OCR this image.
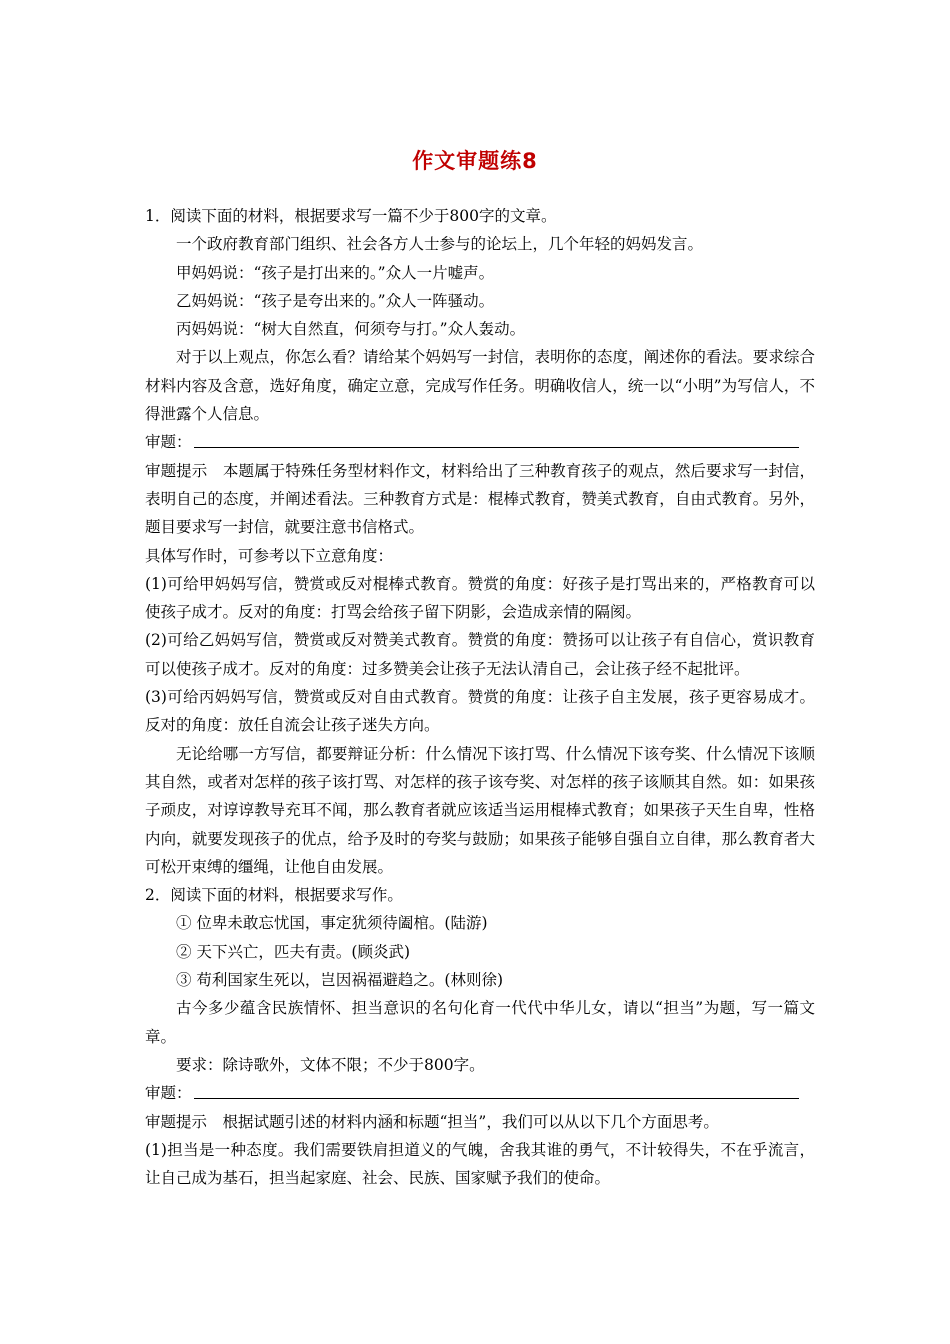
作文审题练8

1．阅读下面的材料，根据要求写一篇不少于800字的文章。

一个政府教育部门组织、社会各方人士参与的论坛上，几个年轻的妈妈发言。

甲妈妈说：“孩子是打出来的。”众人一片嘘声。

乙妈妈说：“孩子是夸出来的。”众人一阵骚动。

丙妈妈说：“树大自然直，何须夸与打。”众人轰动。

对于以上观点，你怎么看？请给某个妈妈写一封信，表明你的态度，阐述你的看法。要求综合材料内容及含意，选好角度，确定立意，完成写作任务。明确收信人，统一以“小明”为写信人，不得泄露个人信息。

审题：

审题提示　本题属于特殊任务型材料作文，材料给出了三种教育孩子的观点，然后要求写一封信，表明自己的态度，并阐述看法。三种教育方式是：棍棒式教育，赞美式教育，自由式教育。另外，题目要求写一封信，就要注意书信格式。

具体写作时，可参考以下立意角度：

(1)可给甲妈妈写信，赞赏或反对棍棒式教育。赞赏的角度：好孩子是打骂出来的，严格教育可以使孩子成才。反对的角度：打骂会给孩子留下阴影，会造成亲情的隔阂。

(2)可给乙妈妈写信，赞赏或反对赞美式教育。赞赏的角度：赞扬可以让孩子有自信心，赏识教育可以使孩子成才。反对的角度：过多赞美会让孩子无法认清自己，会让孩子经不起批评。

(3)可给丙妈妈写信，赞赏或反对自由式教育。赞赏的角度：让孩子自主发展，孩子更容易成才。反对的角度：放任自流会让孩子迷失方向。

无论给哪一方写信，都要辩证分析：什么情况下该打骂、什么情况下该夸奖、什么情况下该顺其自然，或者对怎样的孩子该打骂、对怎样的孩子该夸奖、对怎样的孩子该顺其自然。如：如果孩子顽皮，对谆谆教导充耳不闻，那么教育者就应该适当运用棍棒式教育；如果孩子天生自卑，性格内向，就要发现孩子的优点，给予及时的夸奖与鼓励；如果孩子能够自强自立自律，那么教育者大可松开束缚的缰绳，让他自由发展。

2．阅读下面的材料，根据要求写作。

① 位卑未敢忘忧国，事定犹须待阖棺。(陆游)

② 天下兴亡，匹夫有责。(顾炎武)

③ 苟利国家生死以，岂因祸福避趋之。(林则徐)

古今多少蕴含民族情怀、担当意识的名句化育一代代中华儿女，请以“担当”为题，写一篇文章。

要求：除诗歌外，文体不限；不少于800字。

审题：

审题提示　根据试题引述的材料内涵和标题“担当”，我们可以从以下几个方面思考。

(1)担当是一种态度。我们需要铁肩担道义的气魄，舍我其谁的勇气，不计较得失，不在乎流言，让自己成为基石，担当起家庭、社会、民族、国家赋予我们的使命。
